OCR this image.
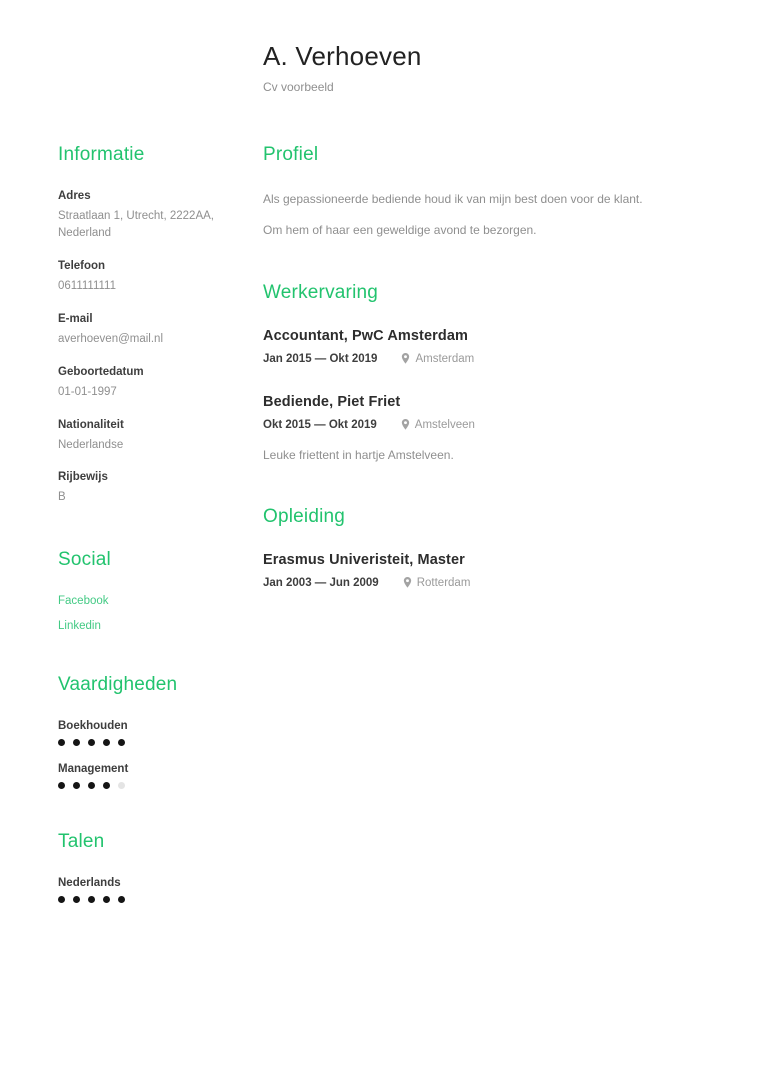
A. Verhoeven
Cv voorbeeld
Informatie
Adres
Straatlaan 1, Utrecht, 2222AA, Nederland
Telefoon
0611111111
E-mail
averhoeven@mail.nl
Geboortedatum
01-01-1997
Nationaliteit
Nederlandse
Rijbewijs
B
Social
Facebook
Linkedin
Vaardigheden
Boekhouden
Management
Talen
Nederlands
Profiel

Als gepassioneerde bediende houd ik van mijn best doen voor de klant.

Om hem of haar een geweldige avond te bezorgen.

Werkervaring
Accountant, PwC Amsterdam
Jan 2015 — Okt 2019	Amsterdam
Bediende, Piet Friet
Okt 2015 — Okt 2019	Amstelveen
Leuke friettent in hartje Amstelveen.
Opleiding
Erasmus Univeristeit, Master
Jan 2003 — Jun 2009	Rotterdam
